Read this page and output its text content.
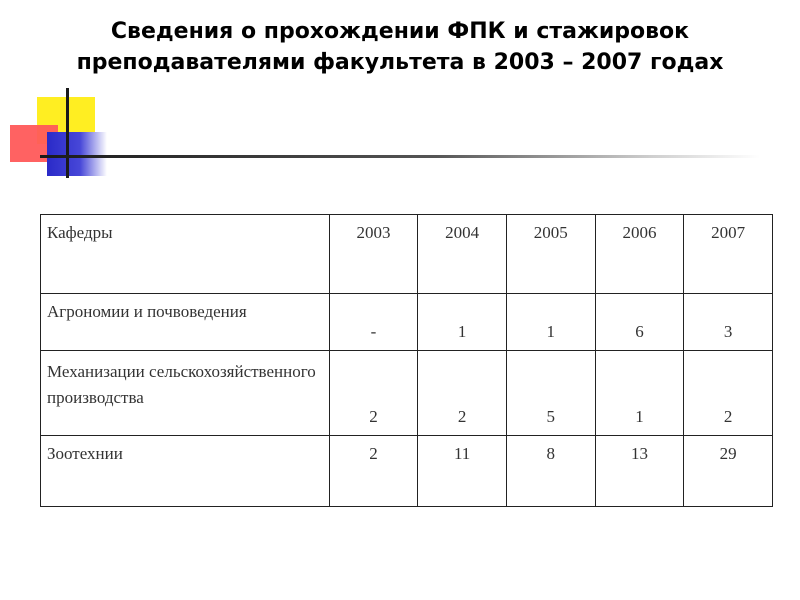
Сведения о прохождении ФПК и стажировок
преподавателями факультета в 2003 – 2007 годах
Кафедры	2003	2004	2005	2006	2007
Агрономии и почвоведения	-	1	1	6	3
Механизации сельскохозяйственного производства	2	2	5	1	2
Зоотехнии	2	11	8	13	29
